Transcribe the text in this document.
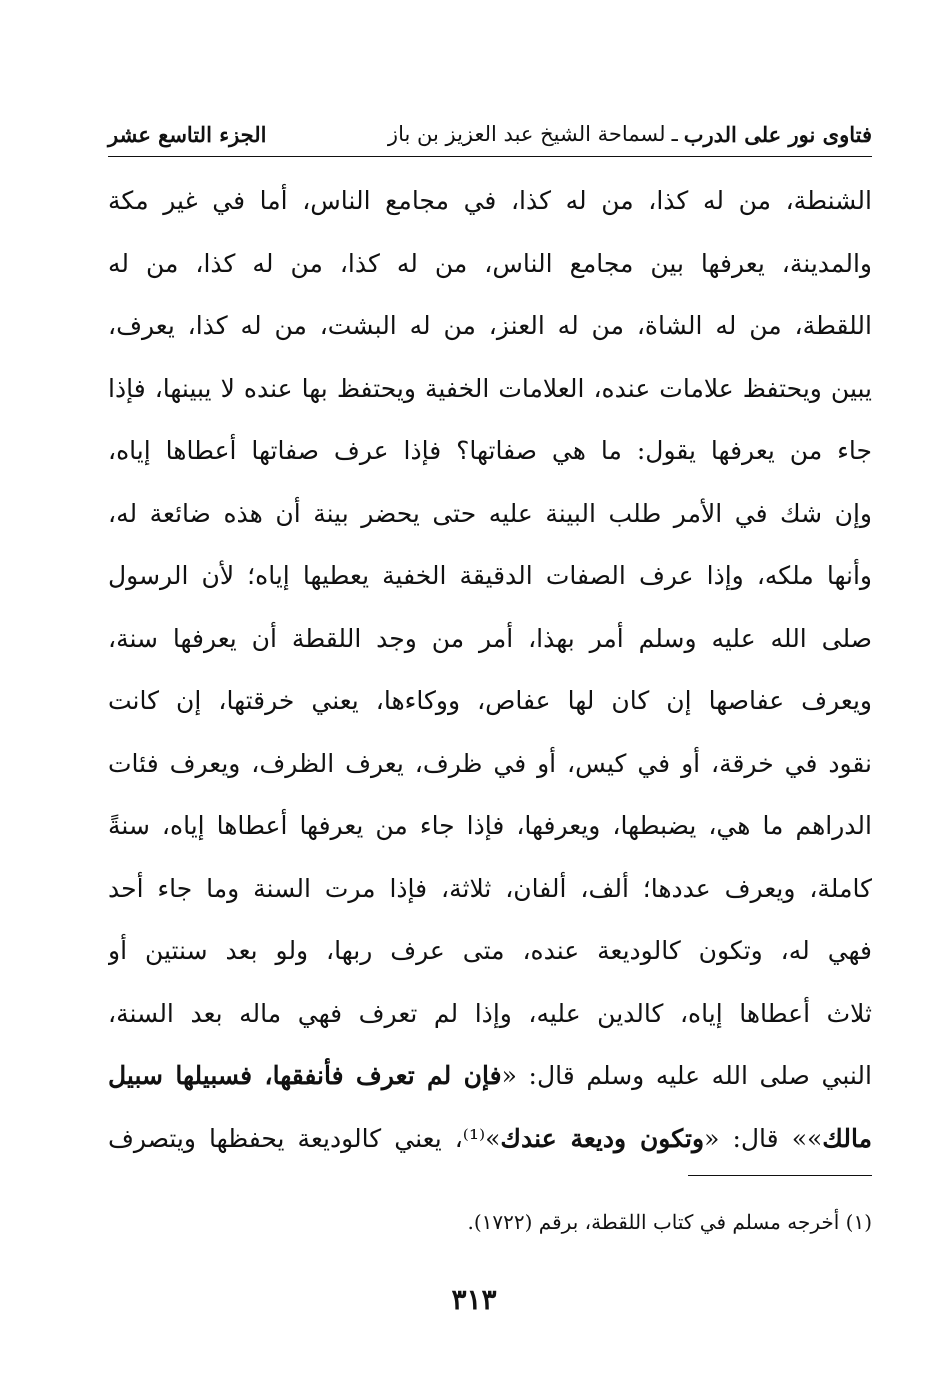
فتاوى نور على الدرب
ـ
لسماحة الشيخ عبد العزيز بن باز
الجزء التاسع عشر
الشنطة، من له كذا، من له كذا، في مجامع الناس، أما في غير مكة
والمدينة، يعرفها بين مجامع الناس، من له كذا، من له كذا، من له
اللقطة، من له الشاة، من له العنز، من له البشت، من له كذا، يعرف،
يبين ويحتفظ علامات عنده، العلامات الخفية ويحتفظ بها عنده لا يبينها، فإذا
جاء من يعرفها يقول: ما هي صفاتها؟ فإذا عرف صفاتها أعطاها إياه،
وإن شك في الأمر طلب البينة عليه حتى يحضر بينة أن هذه ضائعة له،
وأنها ملكه، وإذا عرف الصفات الدقيقة الخفية يعطيها إياه؛ لأن الرسول
صلى الله عليه وسلم أمر بهذا، أمر من وجد اللقطة أن يعرفها سنة،
ويعرف عفاصها إن كان لها عفاص، ووكاءها، يعني خرقتها، إن كانت
نقود في خرقة، أو في كيس، أو في ظرف، يعرف الظرف، ويعرف فئات
الدراهم ما هي، يضبطها، ويعرفها، فإذا جاء من يعرفها أعطاها إياه، سنةً
كاملة، ويعرف عددها؛ ألف، ألفان، ثلاثة، فإذا مرت السنة وما جاء أحد
فهي له، وتكون كالوديعة عنده، متى عرف ربها، ولو بعد سنتين أو
ثلاث أعطاها إياه، كالدين عليه، وإذا لم تعرف فهي ماله بعد السنة،
النبي صلى الله عليه وسلم قال: «فإن لم تعرف فأنفقها، فسبيلها سبيل
مالك»» قال: «وتكون وديعة عندك»⁽¹⁾، يعني كالوديعة يحفظها ويتصرف
(١) أخرجه مسلم في كتاب اللقطة، برقم (١٧٢٢).
٣١٣
